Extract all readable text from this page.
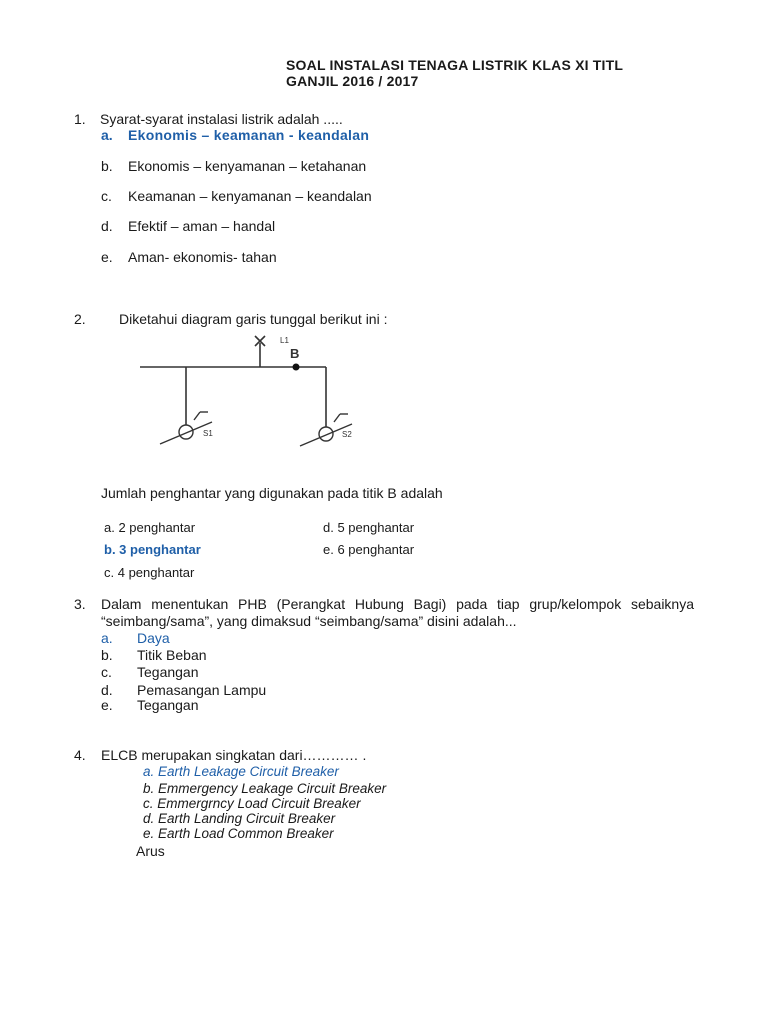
SOAL INSTALASI TENAGA LISTRIK KLAS XI TITL
GANJIL 2016 / 2017
1. Syarat-syarat instalasi listrik adalah .....
a. Ekonomis – keamanan - keandalan
b. Ekonomis – kenyamanan – ketahanan
c. Keamanan – kenyamanan – keandalan
d. Efektif – aman – handal
e. Aman- ekonomis- tahan
2. Diketahui diagram garis tunggal berikut ini :
L1
B
S1	S2
Jumlah penghantar yang digunakan pada titik B adalah
a. 2 penghantar
b. 3 penghantar
c. 4 penghantar
d. 5 penghantar
e. 6 penghantar
3. Dalam menentukan PHB (Perangkat Hubung Bagi) pada tiap grup/kelompok sebaiknya “seimbang/sama”, yang dimaksud “seimbang/sama” disini adalah...
a. Daya
b. Titik Beban
c. Tegangan
d. Pemasangan Lampu
e. Tegangan
4. ELCB merupakan singkatan dari………… .
a. Earth Leakage Circuit Breaker
b. Emmergency Leakage Circuit Breaker
c. Emmergrncy Load Circuit Breaker
d. Earth Landing Circuit Breaker
e. Earth Load Common Breaker
Arus
